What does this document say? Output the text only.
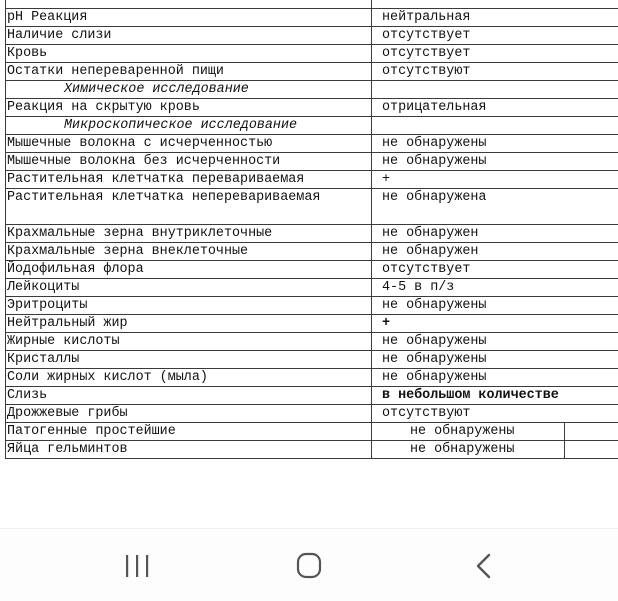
pH Реакция	нейтральная	
Наличие слизи	отсутствует	
Кровь	отсутствует	
Остатки непереваренной пищи	отсутствуют	
Химическое исследование		
Реакция на скрытую кровь	отрицательная	
Микроскопическое исследование		
Мышечные волокна с исчерченностью	не обнаружены	
Мышечные волокна без исчерченности	не обнаружены	
Растительная клетчатка перевариваемая	+	
Растительная клетчатка неперевариваемая	не обнаружена	
Крахмальные зерна внутриклеточные	не обнаружен	
Крахмальные зерна внеклеточные	не обнаружен	
Йодофильная флора	отсутствует	
Лейкоциты	4-5 в п/з	
Эритроциты	не обнаружены	
Нейтральный жир	+	
Жирные кислоты	не обнаружены	
Кристаллы	не обнаружены	
Соли жирных кислот (мыла)	не обнаружены	
Слизь	в небольшом количестве	
Дрожжевые грибы	отсутствуют	
Патогенные простейшие	не обнаружены	
Яйца гельминтов	не обнаружены	
